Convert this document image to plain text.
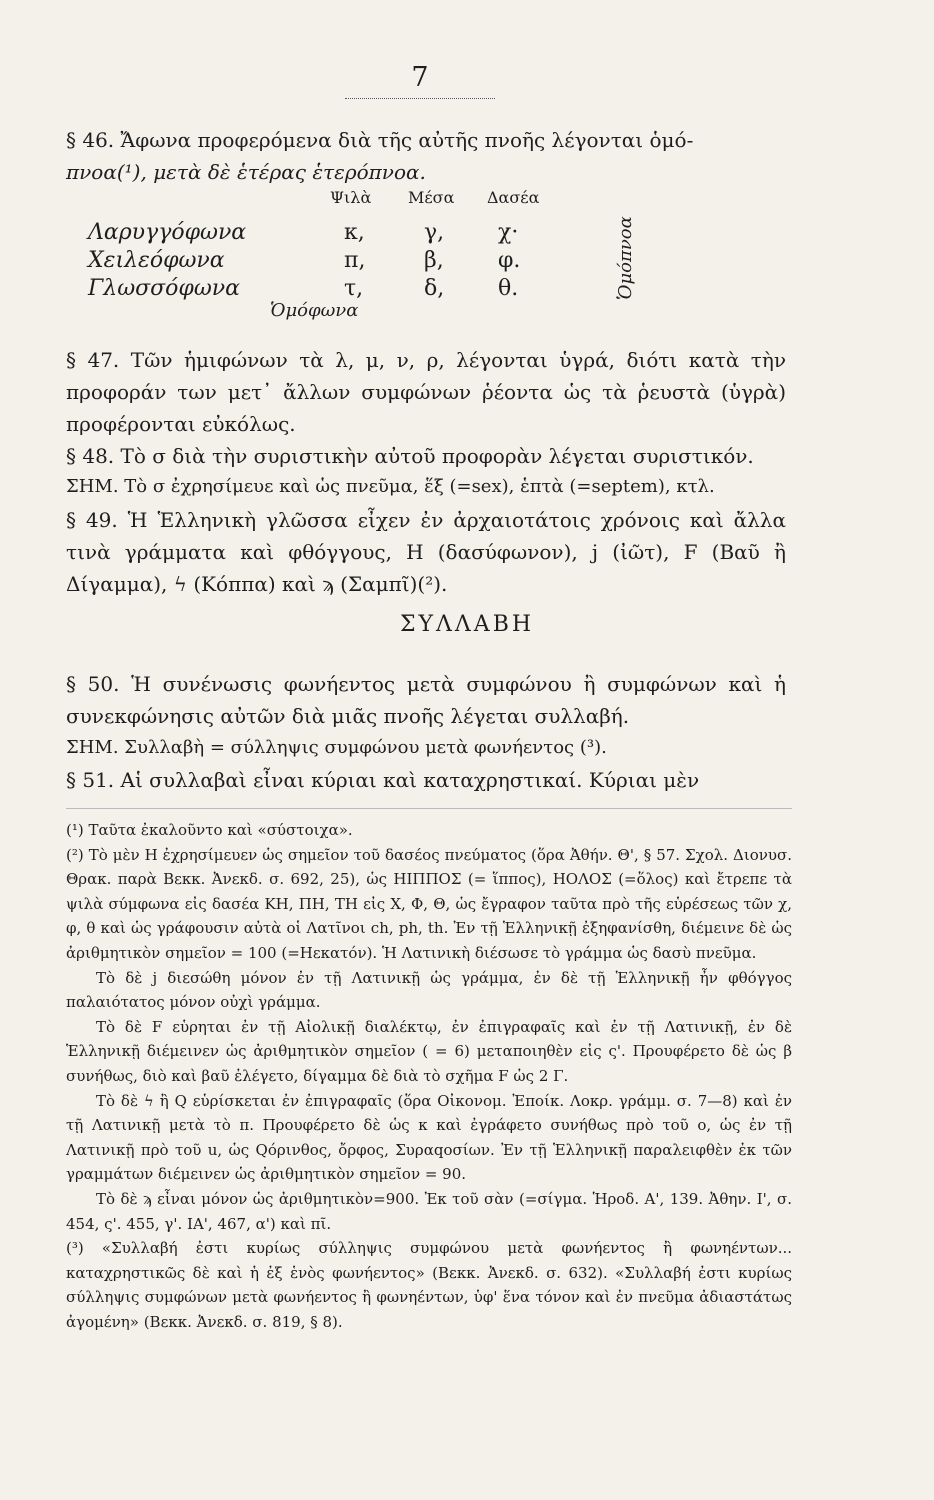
7

§ 46. Ἄφωνα προφερόμενα διὰ τῆς αὐτῆς πνοῆς λέγονται ὁμό-

πνοα(¹), μετὰ δὲ ἑτέρας ἑτερόπνοα.

Ψιλὰ Μέσα Δασέα
Λαρυγγόφωνα	κ,	γ, χ·
Χειλεόφωνα	π,	β, φ.
Γλωσσόφωνα	τ,	δ, θ.
Ὁμόφωνα
Ὁμόπνοα
§ 47. Τῶν ἡμιφώνων τὰ λ, μ, ν, ρ, λέγονται ὑγρά, διότι κατὰ τὴν προφοράν των μετ᾽ ἄλλων συμφώνων ῥέοντα ὡς τὰ ῥευστὰ (ὑγρὰ) προφέρονται εὐκόλως.
§ 48. Τὸ σ διὰ τὴν συριστικὴν αὐτοῦ προφορὰν λέγεται συριστικόν.
ΣΗΜ. Τὸ σ ἐχρησίμευε καὶ ὡς πνεῦμα, ἕξ (=sex), ἑπτὰ (=septem), κτλ.
§ 49. Ἡ Ἑλληνικὴ γλῶσσα εἶχεν ἐν ἀρχαιοτάτοις χρόνοις καὶ ἄλλα τινὰ γράμματα καὶ φθόγγους, Η (δασύφωνον), j (ἰῶτ), F (Βαῦ ἢ Δίγαμμα), ϟ (Κόππα) καὶ ϡ (Σαμπῖ)(²).
ΣΥΛΛΑΒΗ
§ 50. Ἡ συνένωσις φωνήεντος μετὰ συμφώνου ἢ συμφώνων καὶ ἡ συνεκφώνησις αὐτῶν διὰ μιᾶς πνοῆς λέγεται συλλαβή.
ΣΗΜ. Συλλαβὴ = σύλληψις συμφώνου μετὰ φωνήεντος (³).
§ 51. Αἱ συλλαβαὶ εἶναι κύριαι καὶ καταχρηστικαί. Κύριαι μὲν

(¹) Ταῦτα ἐκαλοῦντο καὶ «σύστοιχα».

(²) Τὸ μὲν Η ἐχρησίμευεν ὡς σημεῖον τοῦ δασέος πνεύματος (ὅρα Ἀθήν. Θ', § 57. Σχολ. Διονυσ. Θρακ. παρὰ Βεκκ. Ἀνεκδ. σ. 692, 25), ὡς ΗΙΠΠΟΣ (= ἵππος), ΗΟΛΟΣ (=ὅλος) καὶ ἔτρεπε τὰ ψιλὰ σύμφωνα εἰς δασέα ΚΗ, ΠΗ, ΤΗ εἰς Χ, Φ, Θ, ὡς ἔγραφον ταῦτα πρὸ τῆς εὑρέσεως τῶν χ, φ, θ καὶ ὡς γράφουσιν αὐτὰ οἱ Λατῖνοι ch, ph, th. Ἐν τῇ Ἑλληνικῇ ἐξηφανίσθη, διέμεινε δὲ ὡς ἀριθμητικὸν σημεῖον = 100 (=Ηεκατόν). Ἡ Λατινικὴ διέσωσε τὸ γράμμα ὡς δασὺ πνεῦμα.

Τὸ δὲ j διεσώθη μόνον ἐν τῇ Λατινικῇ ὡς γράμμα, ἐν δὲ τῇ Ἑλληνικῇ ἦν φθόγγος παλαιότατος μόνον οὐχὶ γράμμα.

Τὸ δὲ F εὑρηται ἐν τῇ Αἰολικῇ διαλέκτῳ, ἐν ἐπιγραφαῖς καὶ ἐν τῇ Λατινικῇ, ἐν δὲ Ἑλληνικῇ διέμεινεν ὡς ἀριθμητικὸν σημεῖον ( = 6) μεταποιηθὲν εἰς ς'. Προυφέρετο δὲ ὡς β συνήθως, διὸ καὶ βαῦ ἐλέγετο, δίγαμμα δὲ διὰ τὸ σχῆμα F ὡς 2 Γ.

Τὸ δὲ ϟ ἢ Q εὑρίσκεται ἐν ἐπιγραφαῖς (ὅρα Οἰκονομ. Ἐποίκ. Λοκρ. γράμμ. σ. 7—8) καὶ ἐν τῇ Λατινικῇ μετὰ τὸ π. Προυφέρετο δὲ ὡς κ καὶ ἐγράφετο συνήθως πρὸ τοῦ ο, ὡς ἐν τῇ Λατινικῇ πρὸ τοῦ u, ὡς Qόρινθος, ὄρφος, Συραqοσίων. Ἐν τῇ Ἑλληνικῇ παραλειφθὲν ἐκ τῶν γραμμάτων διέμεινεν ὡς ἀριθμητικὸν σημεῖον = 90.

Τὸ δὲ ϡ εἶναι μόνον ὡς ἀριθμητικὸν=900. Ἐκ τοῦ σὰν (=σίγμα. Ἡροδ. Α', 139. Ἀθην. Ι', σ. 454, ς'. 455, γ'. ΙΑ', 467, α') καὶ πῖ.

(³) «Συλλαβή ἐστι κυρίως σύλληψις συμφώνου μετὰ φωνήεντος ἢ φωνηέντων... καταχρηστικῶς δὲ καὶ ἡ ἐξ ἑνὸς φωνήεντος» (Βεκκ. Ἀνεκδ. σ. 632). «Συλλαβή ἐστι κυρίως σύλληψις συμφώνων μετὰ φωνήεντος ἢ φωνηέντων, ὑφ' ἕνα τόνον καὶ ἐν πνεῦμα ἀδιαστάτως ἀγομένη» (Βεκκ. Ἀνεκδ. σ. 819, § 8).
